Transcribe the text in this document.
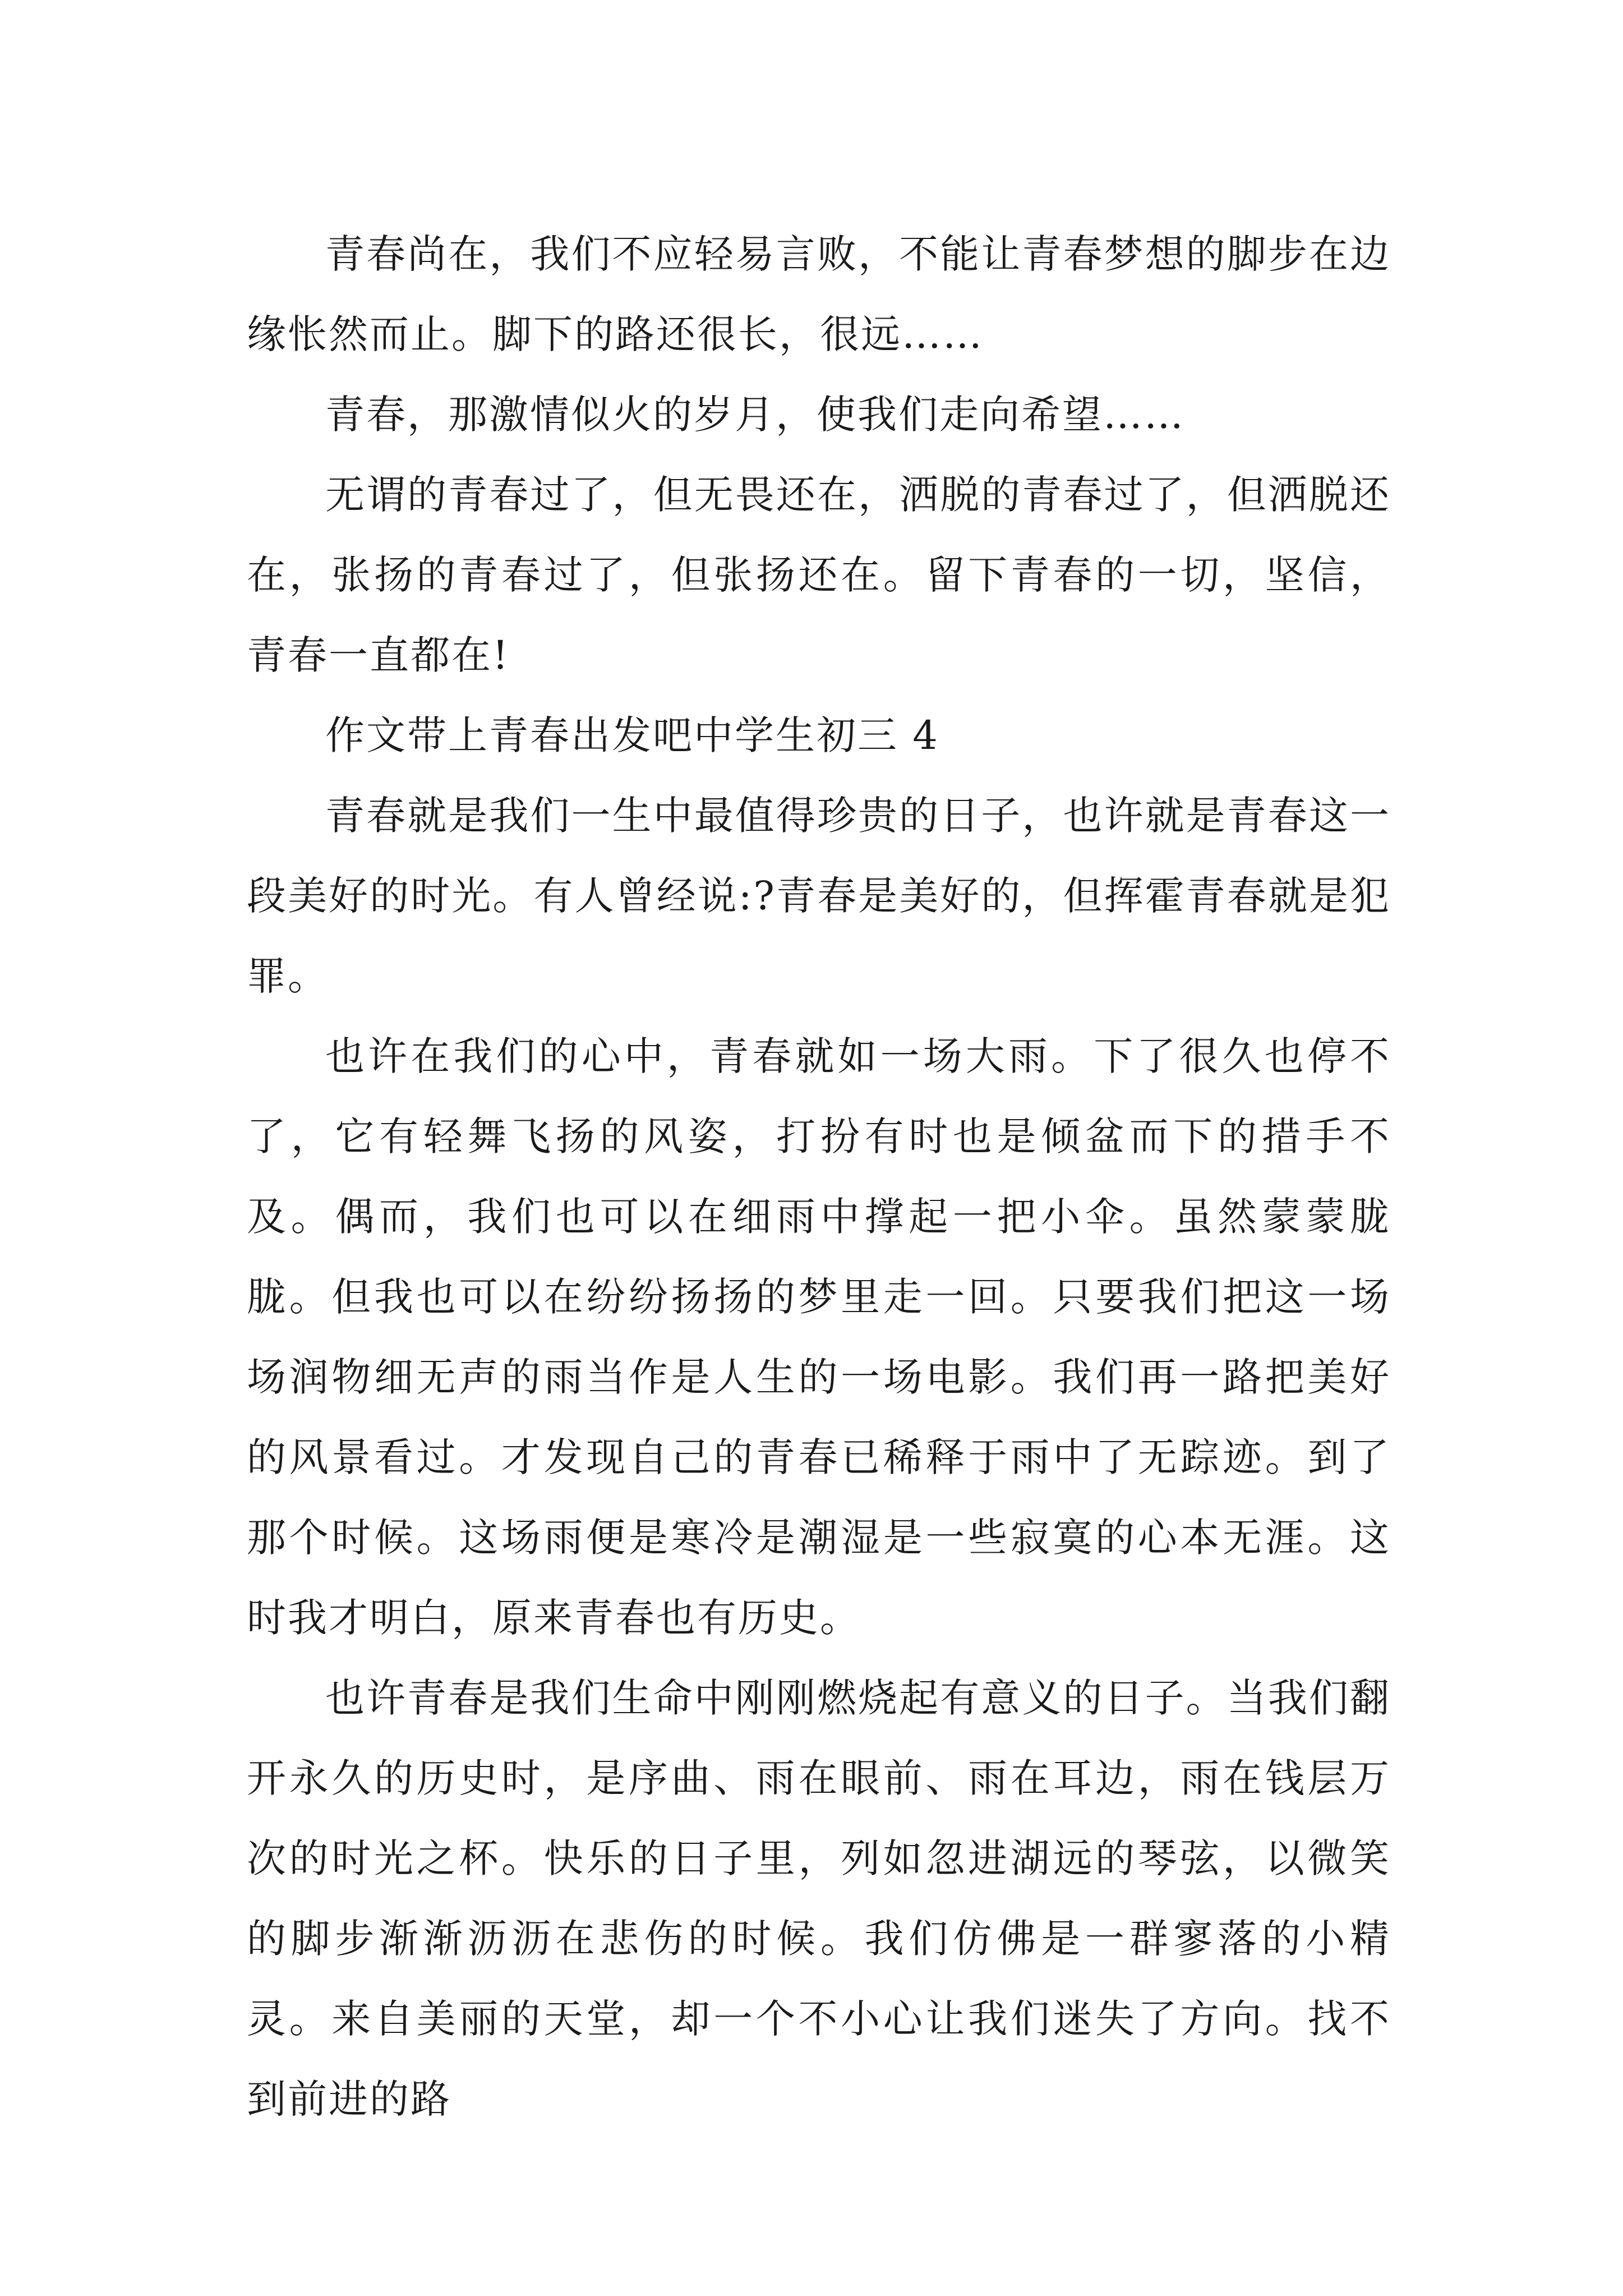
青春尚在，我们不应轻易言败，不能让青春梦想的脚步在边缘怅然而止。脚下的路还很长，很远……

青春，那激情似火的岁月，使我们走向希望……

无谓的青春过了，但无畏还在，洒脱的青春过了，但洒脱还在，张扬的青春过了，但张扬还在。留下青春的一切，坚信，青春一直都在!

作文带上青春出发吧中学生初三 4

青春就是我们一生中最值得珍贵的日子，也许就是青春这一段美好的时光。有人曾经说:?青春是美好的，但挥霍青春就是犯罪。

也许在我们的心中，青春就如一场大雨。下了很久也停不了，它有轻舞飞扬的风姿，打扮有时也是倾盆而下的措手不及。偶而，我们也可以在细雨中撑起一把小伞。虽然蒙蒙胧胧。但我也可以在纷纷扬扬的梦里走一回。只要我们把这一场场润物细无声的雨当作是人生的一场电影。我们再一路把美好的风景看过。才发现自己的青春已稀释于雨中了无踪迹。到了那个时候。这场雨便是寒冷是潮湿是一些寂寞的心本无涯。这时我才明白，原来青春也有历史。

也许青春是我们生命中刚刚燃烧起有意义的日子。当我们翻开永久的历史时，是序曲、雨在眼前、雨在耳边，雨在钱层万次的时光之杯。快乐的日子里，列如忽进湖远的琴弦，以微笑的脚步渐渐沥沥在悲伤的时候。我们仿佛是一群寥落的小精灵。来自美丽的天堂，却一个不小心让我们迷失了方向。找不到前进的路
